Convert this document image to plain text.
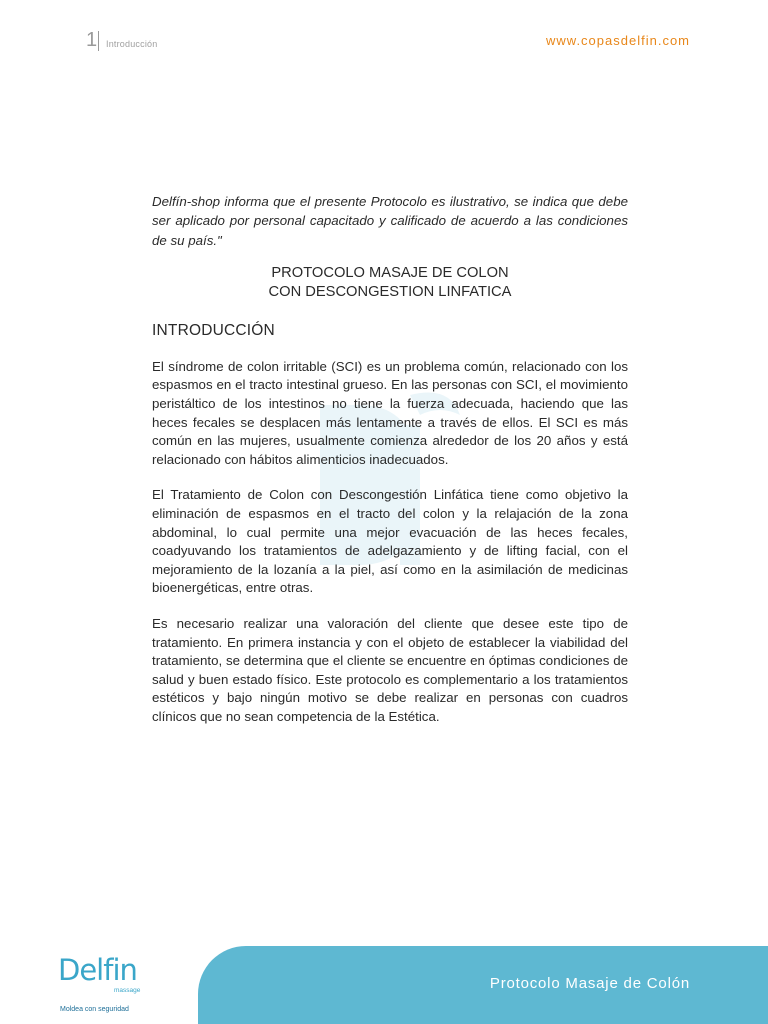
1 Introducción	www.copasdelfin.com

Delfín-shop informa que el presente Protocolo es ilustrativo, se indica que debe ser aplicado por personal capacitado y calificado de acuerdo a las condiciones de su país."

PROTOCOLO MASAJE DE COLON
CON DESCONGESTION LINFATICA
INTRODUCCIÓN

El síndrome de colon irritable (SCI) es un problema común, relacionado con los espasmos en el tracto intestinal grueso. En las personas con SCI, el movimiento peristáltico de los intestinos no tiene la fuerza adecuada, haciendo que las heces fecales se desplacen más lentamente a través de ellos. El SCI es más común en las mujeres, usualmente comienza alrededor de los 20 años y está relacionado con hábitos alimenticios inadecuados.

El Tratamiento de Colon con Descongestión Linfática tiene como objetivo la eliminación de espasmos en el tracto del colon y la relajación de la zona abdominal, lo cual permite una mejor evacuación de las heces fecales, coadyuvando los tratamientos de adelgazamiento y de lifting facial, con el mejoramiento de la lozanía a la piel, así como en la asimilación de medicinas bioenergéticas, entre otras.

Es necesario realizar una valoración del cliente que desee este tipo de tratamiento. En primera instancia y con el objeto de establecer la viabilidad del tratamiento, se determina que el cliente se encuentre en óptimas condiciones de salud y buen estado físico. Este protocolo es complementario a los tratamientos estéticos y bajo ningún motivo se debe realizar en personas con cuadros clínicos que no sean competencia de la Estética.

Protocolo Masaje de Colón
Delfin
massage
Moldea con seguridad
